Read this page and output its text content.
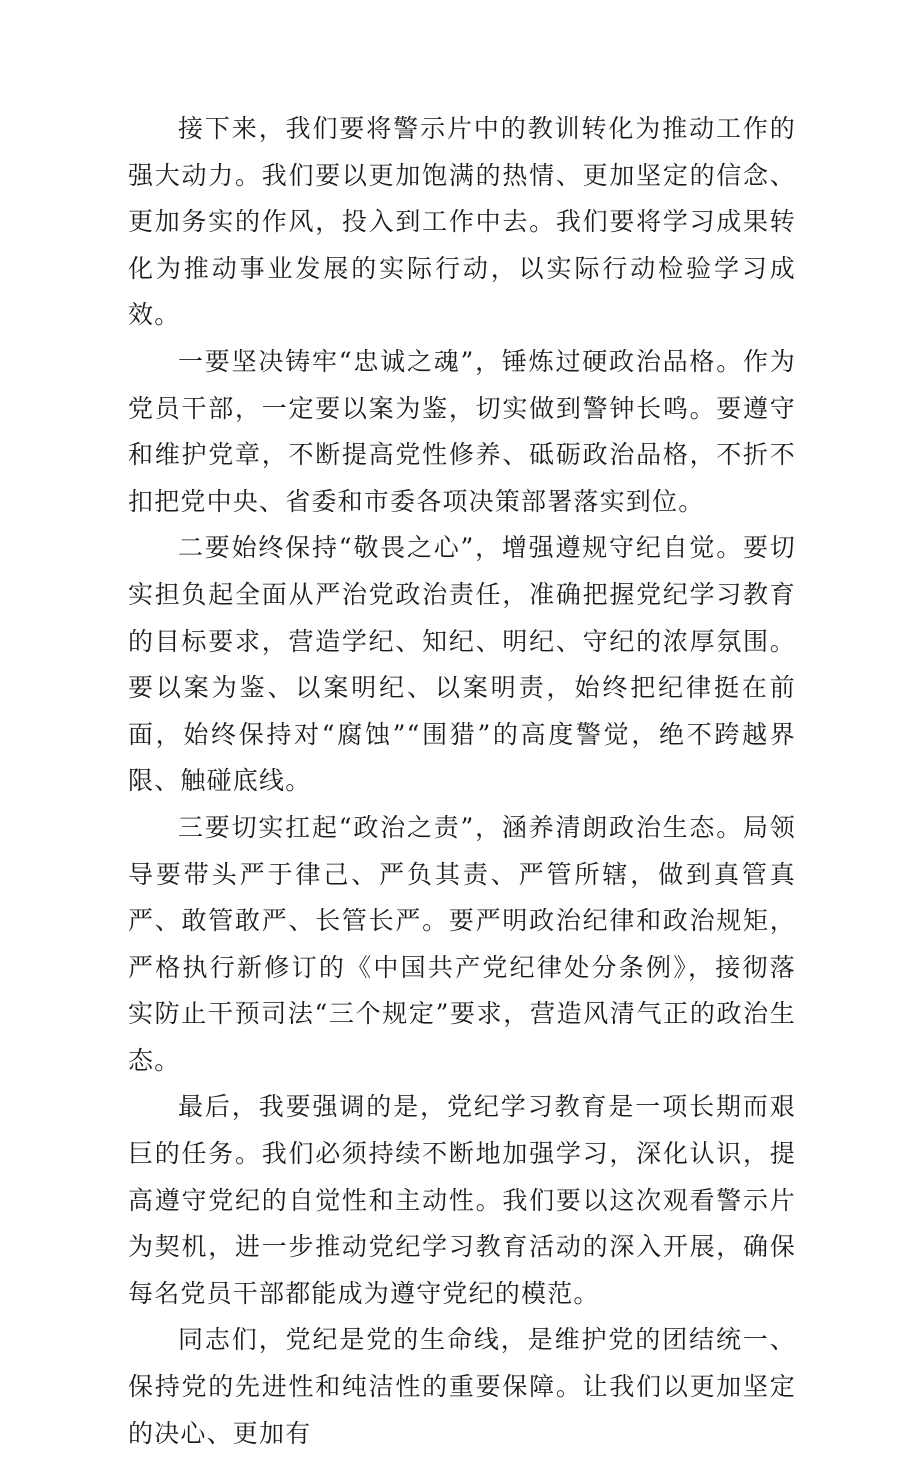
接下来，我们要将警示片中的教训转化为推动工作的强大动力。我们要以更加饱满的热情、更加坚定的信念、更加务实的作风，投入到工作中去。我们要将学习成果转化为推动事业发展的实际行动，以实际行动检验学习成效。

一要坚决铸牢“忠诚之魂”，锤炼过硬政治品格。作为党员干部，一定要以案为鉴，切实做到警钟长鸣。要遵守和维护党章，不断提高党性修养、砥砺政治品格，不折不扣把党中央、省委和市委各项决策部署落实到位。

二要始终保持“敬畏之心”，增强遵规守纪自觉。要切实担负起全面从严治党政治责任，准确把握党纪学习教育的目标要求，营造学纪、知纪、明纪、守纪的浓厚氛围。要以案为鉴、以案明纪、以案明责，始终把纪律挺在前面，始终保持对“腐蚀”“围猎”的高度警觉，绝不跨越界限、触碰底线。

三要切实扛起“政治之责”，涵养清朗政治生态。局领导要带头严于律己、严负其责、严管所辖，做到真管真严、敢管敢严、长管长严。要严明政治纪律和政治规矩，严格执行新修订的《中国共产党纪律处分条例》，接彻落实防止干预司法“三个规定”要求，营造风清气正的政治生态。

最后，我要强调的是，党纪学习教育是一项长期而艰巨的任务。我们必须持续不断地加强学习，深化认识，提高遵守党纪的自觉性和主动性。我们要以这次观看警示片为契机，进一步推动党纪学习教育活动的深入开展，确保每名党员干部都能成为遵守党纪的模范。

同志们，党纪是党的生命线，是维护党的团结统一、保持党的先进性和纯洁性的重要保障。让我们以更加坚定的决心、更加有
